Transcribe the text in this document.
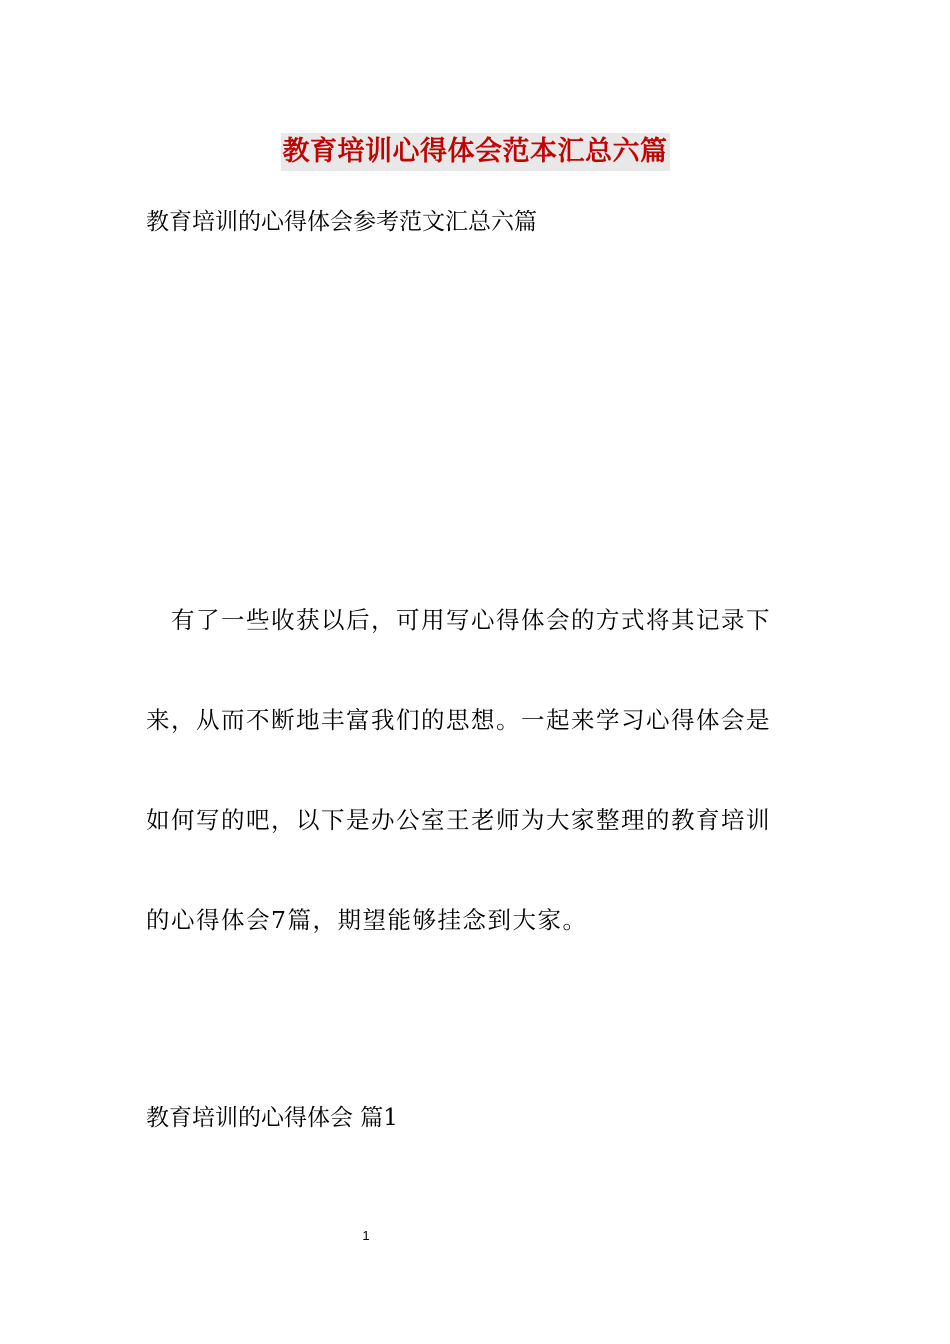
教育培训心得体会范本汇总六篇
教育培训的心得体会参考范文汇总六篇
　有了一些收获以后，可用写心得体会的方式将其记录下
来，从而不断地丰富我们的思想。一起来学习心得体会是
如何写的吧，以下是办公室王老师为大家整理的教育培训
的心得体会7篇，期望能够挂念到大家。
教育培训的心得体会 篇1
1
